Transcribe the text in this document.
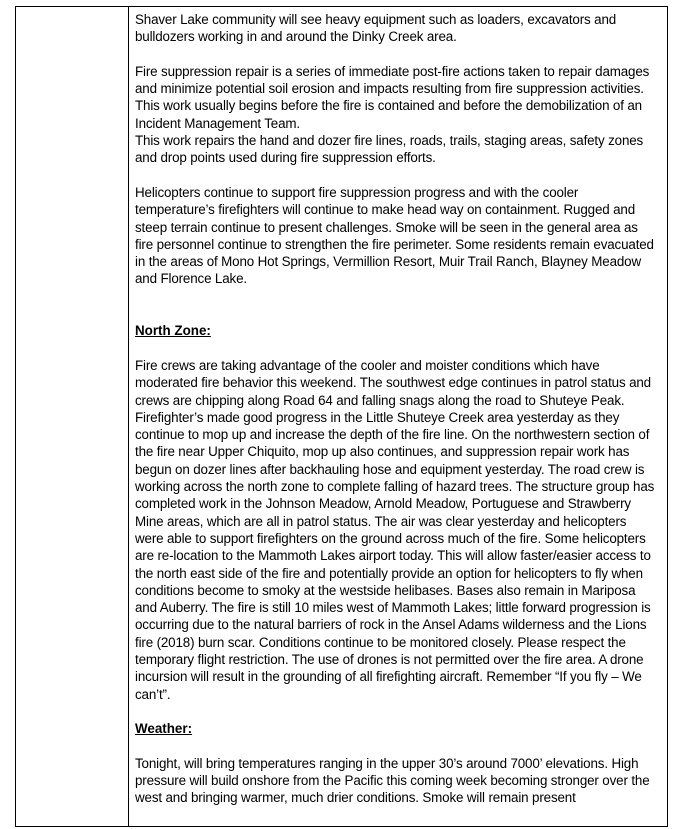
Shaver Lake community will see heavy equipment such as loaders, excavators and bulldozers working in and around the Dinky Creek area.

Fire suppression repair is a series of immediate post-fire actions taken to repair damages and minimize potential soil erosion and impacts resulting from fire suppression activities. This work usually begins before the fire is contained and before the demobilization of an Incident Management Team.

This work repairs the hand and dozer fire lines, roads, trails, staging areas, safety zones and drop points used during fire suppression efforts.

Helicopters continue to support fire suppression progress and with the cooler temperature’s firefighters will continue to make head way on containment. Rugged and steep terrain continue to present challenges. Smoke will be seen in the general area as fire personnel continue to strengthen the fire perimeter. Some residents remain evacuated in the areas of Mono Hot Springs, Vermillion Resort, Muir Trail Ranch, Blayney Meadow and Florence Lake.

North Zone:

Fire crews are taking advantage of the cooler and moister conditions which have moderated fire behavior this weekend. The southwest edge continues in patrol status and crews are chipping along Road 64 and falling snags along the road to Shuteye Peak. Firefighter’s made good progress in the Little Shuteye Creek area yesterday as they continue to mop up and increase the depth of the fire line. On the northwestern section of the fire near Upper Chiquito, mop up also continues, and suppression repair work has begun on dozer lines after backhauling hose and equipment yesterday. The road crew is working across the north zone to complete falling of hazard trees. The structure group has completed work in the Johnson Meadow, Arnold Meadow, Portuguese and Strawberry Mine areas, which are all in patrol status. The air was clear yesterday and helicopters were able to support firefighters on the ground across much of the fire. Some helicopters are re-location to the Mammoth Lakes airport today. This will allow faster/easier access to the north east side of the fire and potentially provide an option for helicopters to fly when conditions become to smoky at the westside helibases. Bases also remain in Mariposa and Auberry. The fire is still 10 miles west of Mammoth Lakes; little forward progression is occurring due to the natural barriers of rock in the Ansel Adams wilderness and the Lions fire (2018) burn scar. Conditions continue to be monitored closely. Please respect the temporary flight restriction. The use of drones is not permitted over the fire area. A drone incursion will result in the grounding of all firefighting aircraft. Remember “If you fly – We can’t”.

Weather:

Tonight, will bring temperatures ranging in the upper 30’s around 7000’ elevations. High pressure will build onshore from the Pacific this coming week becoming stronger over the west and bringing warmer, much drier conditions. Smoke will remain present
